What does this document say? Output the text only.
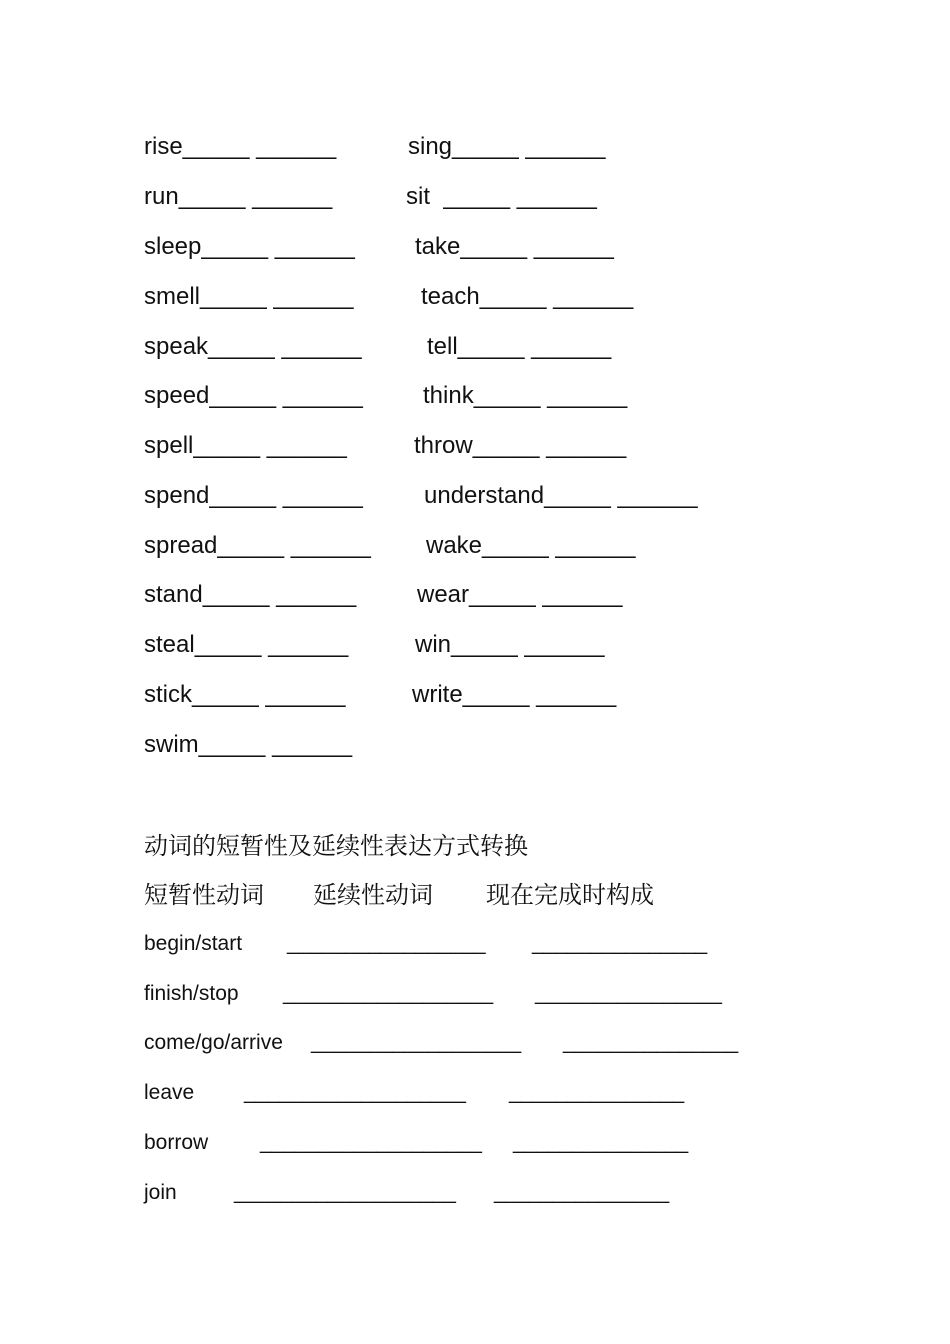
rise_____ ______	sing_____ ______
run_____ ______	sit  _____ ______
sleep_____ ______	take_____ ______
smell_____ ______	teach_____ ______
speak_____ ______	tell_____ ______
speed_____ ______	think_____ ______
spell_____ ______	throw_____ ______
spend_____ ______	understand_____ ______
spread_____ ______ wake_____ ______
stand_____ ______	wear_____ ______
steal_____ ______	win_____ ______
stick_____ ______	write_____ ______
swim_____ ______
动词的短暂性及延续性表达方式转换
短暂性动词 延续性动词 现在完成时构成
begin/start _________________ _______________
finish/stop __________________ ________________
come/go/arrive __________________ _______________
leave ___________________ _______________
borrow ___________________ _______________
join	___________________ _______________
